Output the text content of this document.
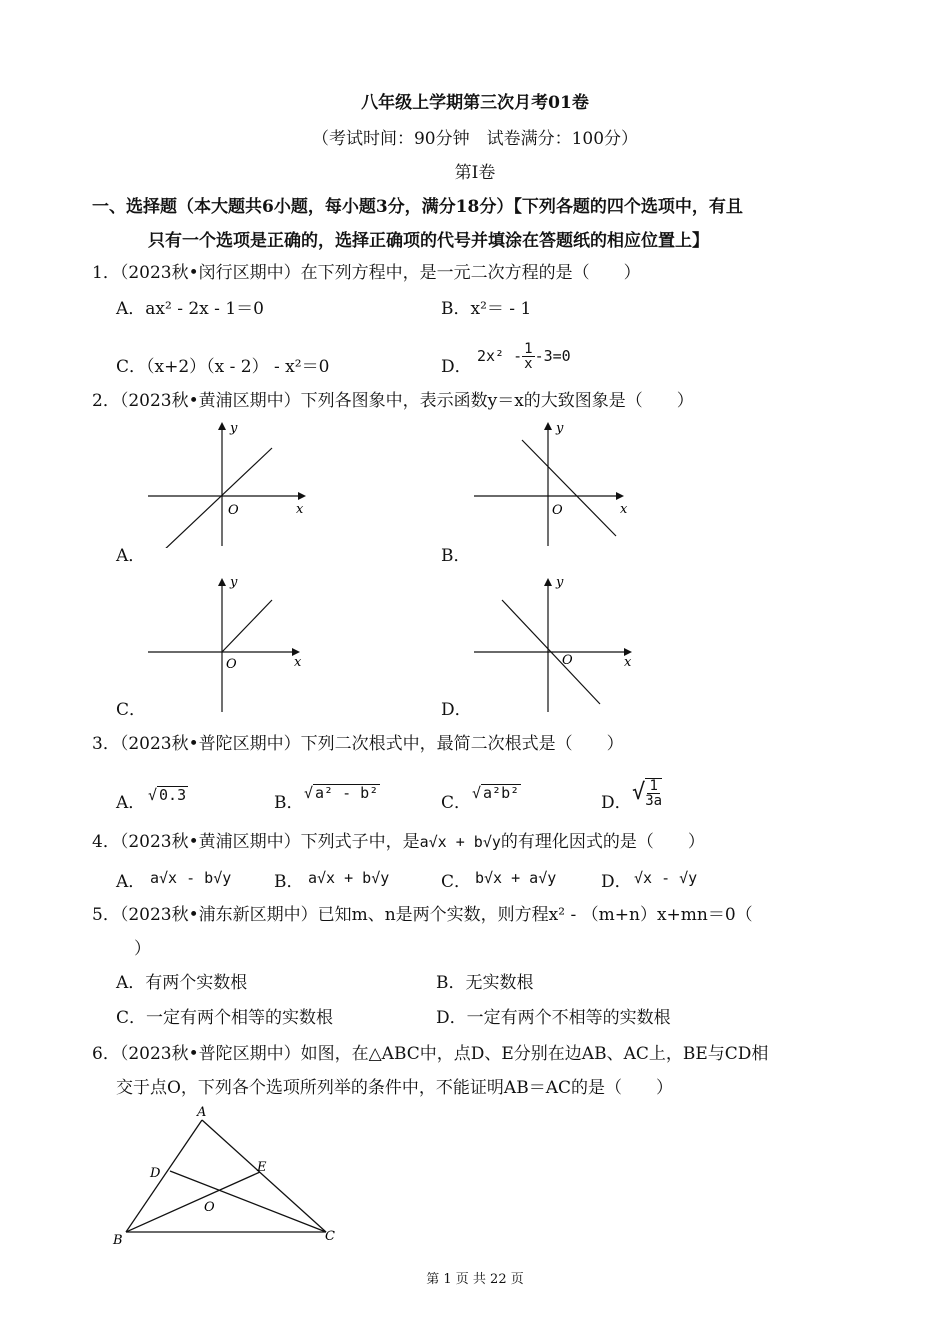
八年级上学期第三次月考01卷
（考试时间：90分钟　试卷满分：100分）
第Ⅰ卷
一、选择题（本大题共6小题，每小题3分，满分18分）【下列各题的四个选项中，有且
只有一个选项是正确的，选择正确项的代号并填涂在答题纸的相应位置上】
1．（2023秋•闵行区期中）在下列方程中，是一元二次方程的是（　　）
A．ax² - 2x - 1＝0	B．x²＝ - 1
C．（x+2）（x - 2） - x²＝0	D．
$2x^2 - \frac{1}{x} -3=0$
2．（2023秋•黄浦区期中）下列各图象中，表示函数y＝x的大致图象是（　　）
y
x
O
A．
y
x
O
B．
y
x
O
C．
y
x
O
D．
3．（2023秋•普陀区期中）下列二次根式中，最简二次根式是（　　）
A． √ 0.3	B． √ a² - b²	C． √ a²b²	D． √ $\frac{1}{3a}$
4．（2023秋•黄浦区期中）下列式子中，是a√x + b√y的有理化因式的是（　　）
A． a√x - b√y	B． a√x + b√y	C． b√x + a√y	D． √x - √y
5．（2023秋•浦东新区期中）已知m、n是两个实数，则方程x² - （m+n）x+mn＝0（
）
A．有两个实数根	B．无实数根
C．一定有两个相等的实数根	D．一定有两个不相等的实数根
6．（2023秋•普陀区期中）如图，在△ABC中，点D、E分别在边AB、AC上，BE与CD相
交于点O，下列各个选项所列举的条件中，不能证明AB＝AC的是（　　）
A
B	C
D	E
O
第 1 页 共 22 页
